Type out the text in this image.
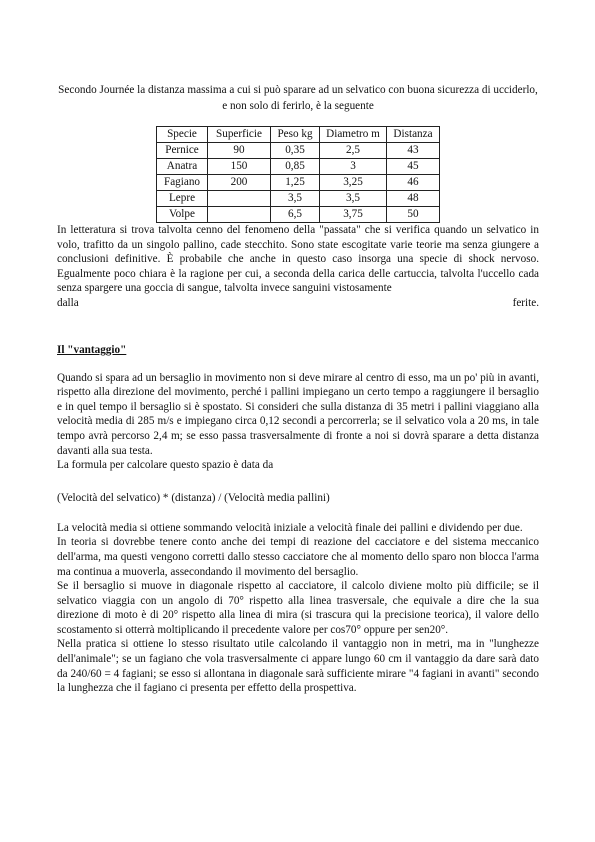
Secondo Journée la distanza massima a cui si può sparare ad un selvatico con buona sicurezza di ucciderlo, e non solo di ferirlo, è la seguente

Specie	Superficie	Peso kg	Diametro m	Distanza
Pernice	90	0,35	2,5	43
Anatra	150	0,85	3	45
Fagiano	200	1,25	3,25	46
Lepre		3,5	3,5	48
Volpe		6,5	3,75	50

In letteratura si trova talvolta cenno del fenomeno della "passata" che si verifica quando un selvatico in volo, trafitto da un singolo pallino, cade stecchito. Sono state escogitate varie teorie ma senza giungere a conclusioni definitive. È probabile che anche in questo caso insorga una specie di shock nervoso. Egualmente poco chiara è la ragione per cui, a seconda della carica delle cartuccia, talvolta l'uccello cada senza spargere una goccia di sangue, talvolta invece sanguini vistosamente

dalla	ferite.
Il "vantaggio"

Quando si spara ad un bersaglio in movimento non si deve mirare al centro di esso, ma un po' più in avanti, rispetto alla direzione del movimento, perché i pallini impiegano un certo tempo a raggiungere il bersaglio e in quel tempo il bersaglio si è spostato. Si consideri che sulla distanza di 35 metri i pallini viaggiano alla velocità media di 285 m/s e impiegano circa 0,12 secondi a percorrerla; se il selvatico vola a 20 ms, in tale tempo avrà percorso 2,4 m; se esso passa trasversalmente di fronte a noi si dovrà sparare a detta distanza davanti alla sua testa.

La formula per calcolare questo spazio è data da

(Velocità del selvatico) * (distanza) / (Velocità media pallini)

La velocità media si ottiene sommando velocità iniziale a velocità finale dei pallini e dividendo per due.

In teoria si dovrebbe tenere conto anche dei tempi di reazione del cacciatore e del sistema meccanico dell'arma, ma questi vengono corretti dallo stesso cacciatore che al momento dello sparo non blocca l'arma ma continua a muoverla, assecondando il movimento del bersaglio.

Se il bersaglio si muove in diagonale rispetto al cacciatore, il calcolo diviene molto più difficile; se il selvatico viaggia con un angolo di 70° rispetto alla linea trasversale, che equivale a dire che la sua direzione di moto è di 20° rispetto alla linea di mira (si trascura qui la precisione teorica), il valore dello scostamento si otterrà moltiplicando il precedente valore per cos70° oppure per sen20°.

Nella pratica si ottiene lo stesso risultato utile calcolando il vantaggio non in metri, ma in "lunghezze dell'animale"; se un fagiano che vola trasversalmente ci appare lungo 60 cm il vantaggio da dare sarà dato da 240/60 = 4 fagiani; se esso si allontana in diagonale sarà sufficiente mirare "4 fagiani in avanti" secondo la lunghezza che il fagiano ci presenta per effetto della prospettiva.
